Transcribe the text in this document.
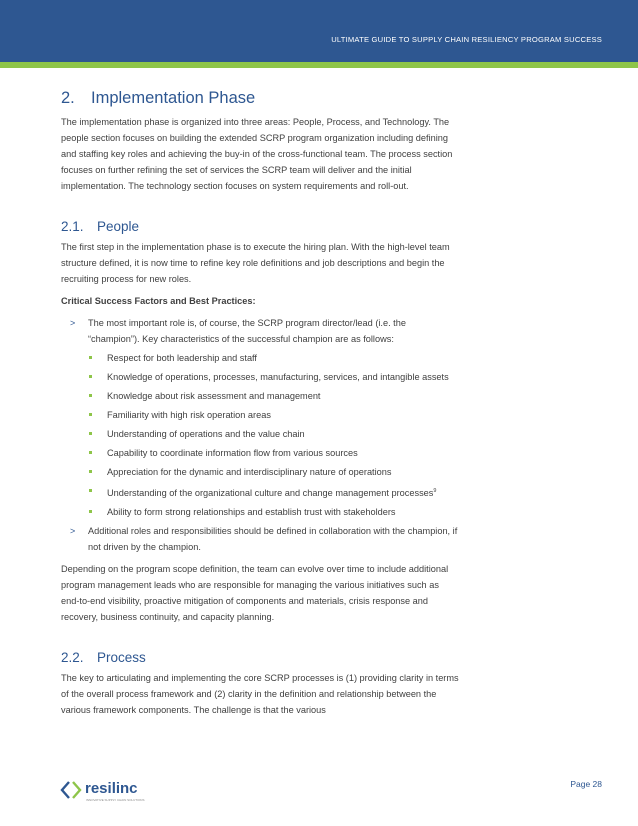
ULTIMATE GUIDE TO SUPPLY CHAIN RESILIENCY PROGRAM SUCCESS
2. Implementation Phase

The implementation phase is organized into three areas: People, Process, and Technology. The people section focuses on building the extended SCRP program organization including defining and staffing key roles and achieving the buy-in of the cross-functional team. The process section focuses on further refining the set of services the SCRP team will deliver and the initial implementation. The technology section focuses on system requirements and roll-out.

2.1. People

The first step in the implementation phase is to execute the hiring plan. With the high-level team structure defined, it is now time to refine key role definitions and job descriptions and begin the recruiting process for new roles.

Critical Success Factors and Best Practices:

> The most important role is, of course, the SCRP program director/lead (i.e. the “champion”). Key characteristics of the successful champion are as follows:
Respect for both leadership and staff
Knowledge of operations, processes, manufacturing, services, and intangible assets
Knowledge about risk assessment and management
Familiarity with high risk operation areas
Understanding of operations and the value chain
Capability to coordinate information flow from various sources
Appreciation for the dynamic and interdisciplinary nature of operations
Understanding of the organizational culture and change management processes$^9$
Ability to form strong relationships and establish trust with stakeholders
> Additional roles and responsibilities should be defined in collaboration with the champion, if not driven by the champion.

Depending on the program scope definition, the team can evolve over time to include additional program management leads who are responsible for managing the various initiatives such as end-to-end visibility, proactive mitigation of components and materials, crisis response and recovery, business continuity, and capacity planning.

2.2. Process

The key to articulating and implementing the core SCRP processes is (1) providing clarity in terms of the overall process framework and (2) clarity in the definition and relationship between the various framework components. The challenge is that the various

resilinc
INNOVATIVE SUPPLY CHAIN SOLUTIONS
Page 28
